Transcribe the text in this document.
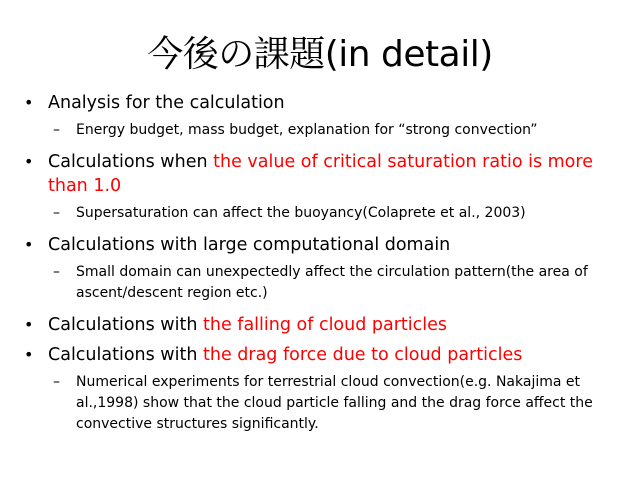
今後の課題(in detail)
• Analysis for the calculation
– Energy budget, mass budget, explanation for “strong convection”
• Calculations when the value of critical saturation ratio is more than 1.0
– Supersaturation can affect the buoyancy(Colaprete et al., 2003)
• Calculations with large computational domain
– Small domain can unexpectedly affect the circulation pattern(the area of ascent/descent region etc.)
• Calculations with the falling of cloud particles
• Calculations with the drag force due to cloud particles
– Numerical experiments for terrestrial cloud convection(e.g. Nakajima et al.,1998) show that the cloud particle falling and the drag force affect the convective structures significantly.
